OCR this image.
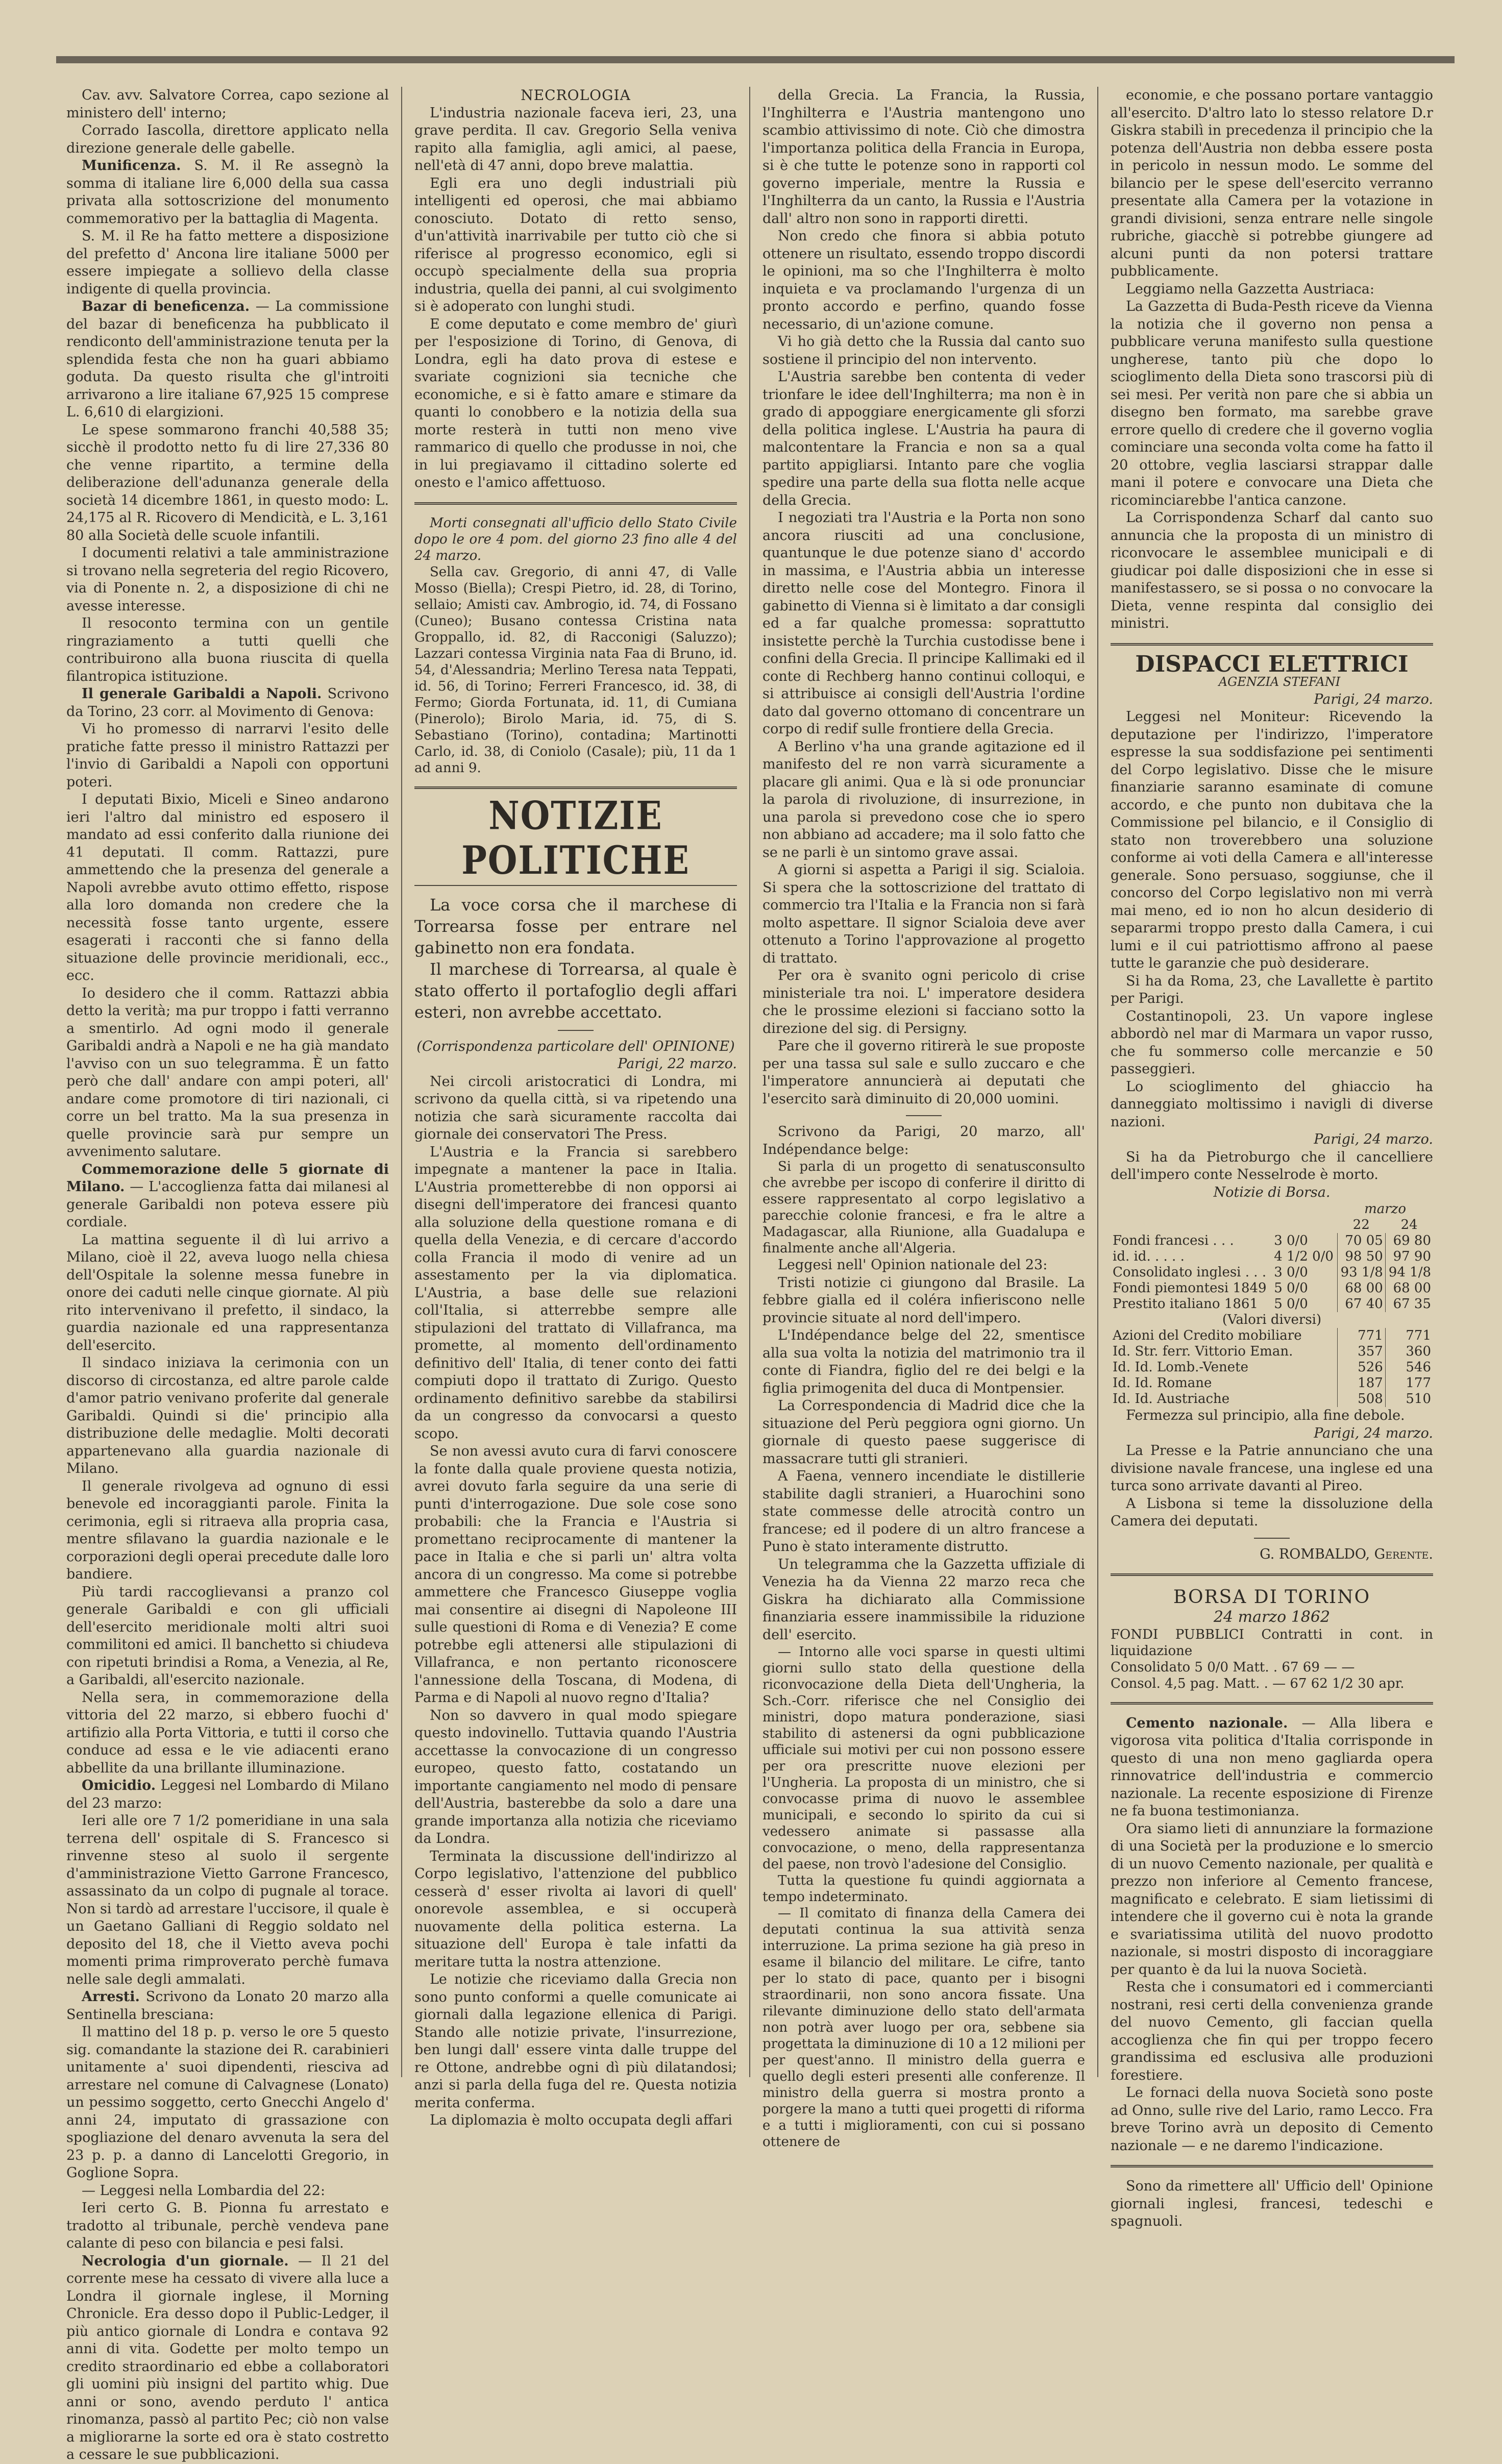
Cav. avv. Salvatore Correa, capo sezione al ministero dell' interno;

Corrado Iascolla, direttore applicato nella direzione generale delle gabelle.

Munificenza. S. M. il Re assegnò la somma di italiane lire 6,000 della sua cassa privata alla sottoscrizione del monumento commemorativo per la battaglia di Magenta.

S. M. il Re ha fatto mettere a disposizione del prefetto d' Ancona lire italiane 5000 per essere impiegate a sollievo della classe indigente di quella provincia.

Bazar di beneficenza. — La commissione del bazar di beneficenza ha pubblicato il rendiconto dell'amministrazione tenuta per la splendida festa che non ha guari abbiamo goduta. Da questo risulta che gl'introiti arrivarono a lire italiane 67,925 15 comprese L. 6,610 di elargizioni.

Le spese sommarono franchi 40,588 35; sicchè il prodotto netto fu di lire 27,336 80 che venne ripartito, a termine della deliberazione dell'adunanza generale della società 14 dicembre 1861, in questo modo: L. 24,175 al R. Ricovero di Mendicità, e L. 3,161 80 alla Società delle scuole infantili.

I documenti relativi a tale amministrazione si trovano nella segreteria del regio Ricovero, via di Ponente n. 2, a disposizione di chi ne avesse interesse.

Il resoconto termina con un gentile ringraziamento a tutti quelli che contribuirono alla buona riuscita di quella filantropica istituzione.

Il generale Garibaldi a Napoli. Scrivono da Torino, 23 corr. al Movimento di Genova:

Vi ho promesso di narrarvi l'esito delle pratiche fatte presso il ministro Rattazzi per l'invio di Garibaldi a Napoli con opportuni poteri.

I deputati Bixio, Miceli e Sineo andarono ieri l'altro dal ministro ed esposero il mandato ad essi conferito dalla riunione dei 41 deputati. Il comm. Rattazzi, pure ammettendo che la presenza del generale a Napoli avrebbe avuto ottimo effetto, rispose alla loro domanda non credere che la necessità fosse tanto urgente, essere esagerati i racconti che si fanno della situazione delle provincie meridionali, ecc., ecc.

Io desidero che il comm. Rattazzi abbia detto la verità; ma pur troppo i fatti verranno a smentirlo. Ad ogni modo il generale Garibaldi andrà a Napoli e ne ha già mandato l'avviso con un suo telegramma. È un fatto però che dall' andare con ampi poteri, all' andare come promotore di tiri nazionali, ci corre un bel tratto. Ma la sua presenza in quelle provincie sarà pur sempre un avvenimento salutare.

Commemorazione delle 5 giornate di Milano. — L'accoglienza fatta dai milanesi al generale Garibaldi non poteva essere più cordiale.

La mattina seguente il dì lui arrivo a Milano, cioè il 22, aveva luogo nella chiesa dell'Ospitale la solenne messa funebre in onore dei caduti nelle cinque giornate. Al più rito intervenivano il prefetto, il sindaco, la guardia nazionale ed una rappresentanza dell'esercito.

Il sindaco iniziava la cerimonia con un discorso di circostanza, ed altre parole calde d'amor patrio venivano proferite dal generale Garibaldi. Quindi si die' principio alla distribuzione delle medaglie. Molti decorati appartenevano alla guardia nazionale di Milano.

Il generale rivolgeva ad ognuno di essi benevole ed incoraggianti parole. Finita la cerimonia, egli si ritraeva alla propria casa, mentre sfilavano la guardia nazionale e le corporazioni degli operai precedute dalle loro bandiere.

Più tardi raccoglievansi a pranzo col generale Garibaldi e con gli ufficiali dell'esercito meridionale molti altri suoi commilitoni ed amici. Il banchetto si chiudeva con ripetuti brindisi a Roma, a Venezia, al Re, a Garibaldi, all'esercito nazionale.

Nella sera, in commemorazione della vittoria del 22 marzo, si ebbero fuochi d' artifizio alla Porta Vittoria, e tutti il corso che conduce ad essa e le vie adiacenti erano abbellite da una brillante illuminazione.

Omicidio. Leggesi nel Lombardo di Milano del 23 marzo:

Ieri alle ore 7 1/2 pomeridiane in una sala terrena dell' ospitale di S. Francesco si rinvenne steso al suolo il sergente d'amministrazione Vietto Garrone Francesco, assassinato da un colpo di pugnale al torace. Non si tardò ad arrestare l'uccisore, il quale è un Gaetano Galliani di Reggio soldato nel deposito del 18, che il Vietto aveva pochi momenti prima rimproverato perchè fumava nelle sale degli ammalati.

Arresti. Scrivono da Lonato 20 marzo alla Sentinella bresciana:

Il mattino del 18 p. p. verso le ore 5 questo sig. comandante la stazione dei R. carabinieri unitamente a' suoi dipendenti, riesciva ad arrestare nel comune di Calvagnese (Lonato) un pessimo soggetto, certo Gnecchi Angelo d' anni 24, imputato di grassazione con spogliazione del denaro avvenuta la sera del 23 p. p. a danno di Lancelotti Gregorio, in Goglione Sopra.

— Leggesi nella Lombardia del 22:

Ieri certo G. B. Pionna fu arrestato e tradotto al tribunale, perchè vendeva pane calante di peso con bilancia e pesi falsi.

Necrologia d'un giornale. — Il 21 del corrente mese ha cessato di vivere alla luce a Londra il giornale inglese, il Morning Chronicle. Era desso dopo il Public-Ledger, il più antico giornale di Londra e contava 92 anni di vita. Godette per molto tempo un credito straordinario ed ebbe a collaboratori gli uomini più insigni del partito whig. Due anni or sono, avendo perduto l' antica rinomanza, passò al partito Pec; ciò non valse a migliorarne la sorte ed ora è stato costretto a cessare le sue pubblicazioni.

NECROLOGIA

L'industria nazionale faceva ieri, 23, una grave perdita. Il cav. Gregorio Sella veniva rapito alla famiglia, agli amici, al paese, nell'età di 47 anni, dopo breve malattia.

Egli era uno degli industriali più intelligenti ed operosi, che mai abbiamo conosciuto. Dotato di retto senso, d'un'attività inarrivabile per tutto ciò che si riferisce al progresso economico, egli si occupò specialmente della sua propria industria, quella dei panni, al cui svolgimento si è adoperato con lunghi studi.

E come deputato e come membro de' giurì per l'esposizione di Torino, di Genova, di Londra, egli ha dato prova di estese e svariate cognizioni sia tecniche che economiche, e si è fatto amare e stimare da quanti lo conobbero e la notizia della sua morte resterà in tutti non meno vive rammarico di quello che produsse in noi, che in lui pregiavamo il cittadino solerte ed onesto e l'amico affettuoso.

Morti consegnati all'ufficio dello Stato Civile dopo le ore 4 pom. del giorno 23 fino alle 4 del 24 marzo.

Sella cav. Gregorio, di anni 47, di Valle Mosso (Biella); Crespi Pietro, id. 28, di Torino, sellaio; Amisti cav. Ambrogio, id. 74, di Fossano (Cuneo); Busano contessa Cristina nata Groppallo, id. 82, di Racconigi (Saluzzo); Lazzari contessa Virginia nata Faa di Bruno, id. 54, d'Alessandria; Merlino Teresa nata Teppati, id. 56, di Torino; Ferreri Francesco, id. 38, di Fermo; Giorda Fortunata, id. 11, di Cumiana (Pinerolo); Birolo Maria, id. 75, di S. Sebastiano (Torino), contadina; Martinotti Carlo, id. 38, di Coniolo (Casale); più, 11 da 1 ad anni 9.

NOTIZIE POLITICHE

La voce corsa che il marchese di Torrearsa fosse per entrare nel gabinetto non era fondata.

Il marchese di Torrearsa, al quale è stato offerto il portafoglio degli affari esteri, non avrebbe accettato.

(Corrispondenza particolare dell' OPINIONE)

Parigi, 22 marzo.

Nei circoli aristocratici di Londra, mi scrivono da quella città, si va ripetendo una notizia che sarà sicuramente raccolta dai giornale dei conservatori The Press.

L'Austria e la Francia si sarebbero impegnate a mantener la pace in Italia. L'Austria prometterebbe di non opporsi ai disegni dell'imperatore dei francesi quanto alla soluzione della questione romana e di quella della Venezia, e di cercare d'accordo colla Francia il modo di venire ad un assestamento per la via diplomatica. L'Austria, a base delle sue relazioni coll'Italia, si atterrebbe sempre alle stipulazioni del trattato di Villafranca, ma promette, al momento dell'ordinamento definitivo dell' Italia, di tener conto dei fatti compiuti dopo il trattato di Zurigo. Questo ordinamento definitivo sarebbe da stabilirsi da un congresso da convocarsi a questo scopo.

Se non avessi avuto cura di farvi conoscere la fonte dalla quale proviene questa notizia, avrei dovuto farla seguire da una serie di punti d'interrogazione. Due sole cose sono probabili: che la Francia e l'Austria si promettano reciprocamente di mantener la pace in Italia e che si parli un' altra volta ancora di un congresso. Ma come si potrebbe ammettere che Francesco Giuseppe voglia mai consentire ai disegni di Napoleone III sulle questioni di Roma e di Venezia? E come potrebbe egli attenersi alle stipulazioni di Villafranca, e non pertanto riconoscere l'annessione della Toscana, di Modena, di Parma e di Napoli al nuovo regno d'Italia?

Non so davvero in qual modo spiegare questo indovinello. Tuttavia quando l'Austria accettasse la convocazione di un congresso europeo, questo fatto, costatando un importante cangiamento nel modo di pensare dell'Austria, basterebbe da solo a dare una grande importanza alla notizia che riceviamo da Londra.

Terminata la discussione dell'indirizzo al Corpo legislativo, l'attenzione del pubblico cesserà d' esser rivolta ai lavori di quell' onorevole assemblea, e si occuperà nuovamente della politica esterna. La situazione dell' Europa è tale infatti da meritare tutta la nostra attenzione.

Le notizie che riceviamo dalla Grecia non sono punto conformi a quelle comunicate ai giornali dalla legazione ellenica di Parigi. Stando alle notizie private, l'insurrezione, ben lungi dall' essere vinta dalle truppe del re Ottone, andrebbe ogni dì più dilatandosi; anzi si parla della fuga del re. Questa notizia merita conferma.

La diplomazia è molto occupata degli affari

della Grecia. La Francia, la Russia, l'Inghilterra e l'Austria mantengono uno scambio attivissimo di note. Ciò che dimostra l'importanza politica della Francia in Europa, si è che tutte le potenze sono in rapporti col governo imperiale, mentre la Russia e l'Inghilterra da un canto, la Russia e l'Austria dall' altro non sono in rapporti diretti.

Non credo che finora si abbia potuto ottenere un risultato, essendo troppo discordi le opinioni, ma so che l'Inghilterra è molto inquieta e va proclamando l'urgenza di un pronto accordo e perfino, quando fosse necessario, di un'azione comune.

Vi ho già detto che la Russia dal canto suo sostiene il principio del non intervento.

L'Austria sarebbe ben contenta di veder trionfare le idee dell'Inghilterra; ma non è in grado di appoggiare energicamente gli sforzi della politica inglese. L'Austria ha paura di malcontentare la Francia e non sa a qual partito appigliarsi. Intanto pare che voglia spedire una parte della sua flotta nelle acque della Grecia.

I negoziati tra l'Austria e la Porta non sono ancora riusciti ad una conclusione, quantunque le due potenze siano d' accordo in massima, e l'Austria abbia un interesse diretto nelle cose del Montegro. Finora il gabinetto di Vienna si è limitato a dar consigli ed a far qualche promessa: soprattutto insistette perchè la Turchia custodisse bene i confini della Grecia. Il principe Kallimaki ed il conte di Rechberg hanno continui colloqui, e si attribuisce ai consigli dell'Austria l'ordine dato dal governo ottomano di concentrare un corpo di redif sulle frontiere della Grecia.

A Berlino v'ha una grande agitazione ed il manifesto del re non varrà sicuramente a placare gli animi. Qua e là si ode pronunciar la parola di rivoluzione, di insurrezione, in una parola si prevedono cose che io spero non abbiano ad accadere; ma il solo fatto che se ne parli è un sintomo grave assai.

A giorni si aspetta a Parigi il sig. Scialoia. Si spera che la sottoscrizione del trattato di commercio tra l'Italia e la Francia non si farà molto aspettare. Il signor Scialoia deve aver ottenuto a Torino l'approvazione al progetto di trattato.

Per ora è svanito ogni pericolo di crise ministeriale tra noi. L' imperatore desidera che le prossime elezioni si facciano sotto la direzione del sig. di Persigny.

Pare che il governo ritirerà le sue proposte per una tassa sul sale e sullo zuccaro e che l'imperatore annuncierà ai deputati che l'esercito sarà diminuito di 20,000 uomini.

Scrivono da Parigi, 20 marzo, all' Indépendance belge:

Si parla di un progetto di senatusconsulto che avrebbe per iscopo di conferire il diritto di essere rappresentato al corpo legislativo a parecchie colonie francesi, e fra le altre a Madagascar, alla Riunione, alla Guadalupa e finalmente anche all'Algeria.

Leggesi nell' Opinion nationale del 23:

Tristi notizie ci giungono dal Brasile. La febbre gialla ed il coléra infieriscono nelle provincie situate al nord dell'impero.

L'Indépendance belge del 22, smentisce alla sua volta la notizia del matrimonio tra il conte di Fiandra, figlio del re dei belgi e la figlia primogenita del duca di Montpensier.

La Correspondencia di Madrid dice che la situazione del Perù peggiora ogni giorno. Un giornale di questo paese suggerisce di massacrare tutti gli stranieri.

A Faena, vennero incendiate le distillerie stabilite dagli stranieri, a Huarochini sono state commesse delle atrocità contro un francese; ed il podere di un altro francese a Puno è stato interamente distrutto.

Un telegramma che la Gazzetta uffiziale di Venezia ha da Vienna 22 marzo reca che Giskra ha dichiarato alla Commissione finanziaria essere inammissibile la riduzione dell' esercito.

— Intorno alle voci sparse in questi ultimi giorni sullo stato della questione della riconvocazione della Dieta dell'Ungheria, la Sch.-Corr. riferisce che nel Consiglio dei ministri, dopo matura ponderazione, siasi stabilito di astenersi da ogni pubblicazione ufficiale sui motivi per cui non possono essere per ora prescritte nuove elezioni per l'Ungheria. La proposta di un ministro, che si convocasse prima di nuovo le assemblee municipali, e secondo lo spirito da cui si vedessero animate si passasse alla convocazione, o meno, della rappresentanza del paese, non trovò l'adesione del Consiglio.

Tutta la questione fu quindi aggiornata a tempo indeterminato.

— Il comitato di finanza della Camera dei deputati continua la sua attività senza interruzione. La prima sezione ha già preso in esame il bilancio del militare. Le cifre, tanto per lo stato di pace, quanto per i bisogni straordinarii, non sono ancora fissate. Una rilevante diminuzione dello stato dell'armata non potrà aver luogo per ora, sebbene sia progettata la diminuzione di 10 a 12 milioni per per quest'anno. Il ministro della guerra e quello degli esteri presenti alle conferenze. Il ministro della guerra si mostra pronto a porgere la mano a tutti quei progetti di riforma e a tutti i miglioramenti, con cui si possano ottenere de

economie, e che possano portare vantaggio all'esercito. D'altro lato lo stesso relatore D.r Giskra stabilì in precedenza il principio che la potenza dell'Austria non debba essere posta in pericolo in nessun modo. Le somme del bilancio per le spese dell'esercito verranno presentate alla Camera per la votazione in grandi divisioni, senza entrare nelle singole rubriche, giacchè si potrebbe giungere ad alcuni punti da non potersi trattare pubblicamente.

Leggiamo nella Gazzetta Austriaca:

La Gazzetta di Buda-Pesth riceve da Vienna la notizia che il governo non pensa a pubblicare veruna manifesto sulla questione ungherese, tanto più che dopo lo scioglimento della Dieta sono trascorsi più di sei mesi. Per verità non pare che si abbia un disegno ben formato, ma sarebbe grave errore quello di credere che il governo voglia cominciare una seconda volta come ha fatto il 20 ottobre, veglia lasciarsi strappar dalle mani il potere e convocare una Dieta che ricominciarebbe l'antica canzone.

La Corrispondenza Scharf dal canto suo annuncia che la proposta di un ministro di riconvocare le assemblee municipali e di giudicar poi dalle disposizioni che in esse si manifestassero, se si possa o no convocare la Dieta, venne respinta dal consiglio dei ministri.

DISPACCI ELETTRICI

AGENZIA STEFANI

Parigi, 24 marzo.

Leggesi nel Moniteur: Ricevendo la deputazione per l'indirizzo, l'imperatore espresse la sua soddisfazione pei sentimenti del Corpo legislativo. Disse che le misure finanziarie saranno esaminate di comune accordo, e che punto non dubitava che la Commissione pel bilancio, e il Consiglio di stato non troverebbero una soluzione conforme ai voti della Camera e all'interesse generale. Sono persuaso, soggiunse, che il concorso del Corpo legislativo non mi verrà mai meno, ed io non ho alcun desiderio di separarmi troppo presto dalla Camera, i cui lumi e il cui patriottismo affrono al paese tutte le garanzie che può desiderare.

Si ha da Roma, 23, che Lavallette è partito per Parigi.

Costantinopoli, 23. Un vapore inglese abbordò nel mar di Marmara un vapor russo, che fu sommerso colle mercanzie e 50 passeggieri.

Lo scioglimento del ghiaccio ha danneggiato moltissimo i navigli di diverse nazioni.

Parigi, 24 marzo.

Si ha da Pietroburgo che il cancelliere dell'impero conte Nesselrode è morto.

Notizie di Borsa.

		marzo	
		22	24
Fondi francesi . . .	3 0/0	70 05	69 80
id. id. . . . .	4 1/2 0/0	98 50	97 90
Consolidato inglesi . . .	3 0/0	93 1/8	94 1/8
Fondi piemontesi 1849	5 0/0	68 00	68 00
Prestito italiano 1861	5 0/0	67 40	67 35
(Valori diversi)			
Azioni del Credito mobiliare		771	771
Id. Str. ferr. Vittorio Eman.		357	360
Id. Id. Lomb.-Venete		526	546
Id. Id. Romane		187	177
Id. Id. Austriache		508	510

Fermezza sul principio, alla fine debole.

Parigi, 24 marzo.

La Presse e la Patrie annunciano che una divisione navale francese, una inglese ed una turca sono arrivate davanti al Pireo.

A Lisbona si teme la dissoluzione della Camera dei deputati.

G. ROMBALDO, Gerente.

BORSA DI TORINO

24 marzo 1862

FONDI PUBBLICI Contratti in cont. in liquidazione

Consolidato 5 0/0 Matt. . 67 69 — —

Consol. 4,5 pag. Matt. . — 67 62 1/2 30 apr.

Cemento nazionale. — Alla libera e vigorosa vita politica d'Italia corrisponde in questo di una non meno gagliarda opera rinnovatrice dell'industria e commercio nazionale. La recente esposizione di Firenze ne fa buona testimonianza.

Ora siamo lieti di annunziare la formazione di una Società per la produzione e lo smercio di un nuovo Cemento nazionale, per qualità e prezzo non inferiore al Cemento francese, magnificato e celebrato. E siam lietissimi di intendere che il governo cui è nota la grande e svariatissima utilità del nuovo prodotto nazionale, si mostri disposto di incoraggiare per quanto è da lui la nuova Società.

Resta che i consumatori ed i commercianti nostrani, resi certi della convenienza grande del nuovo Cemento, gli faccian quella accoglienza che fin qui per troppo fecero grandissima ed esclusiva alle produzioni forestiere.

Le fornaci della nuova Società sono poste ad Onno, sulle rive del Lario, ramo Lecco. Fra breve Torino avrà un deposito di Cemento nazionale — e ne daremo l'indicazione.

Sono da rimettere all' Ufficio dell' Opinione giornali inglesi, francesi, tedeschi e spagnuoli.
